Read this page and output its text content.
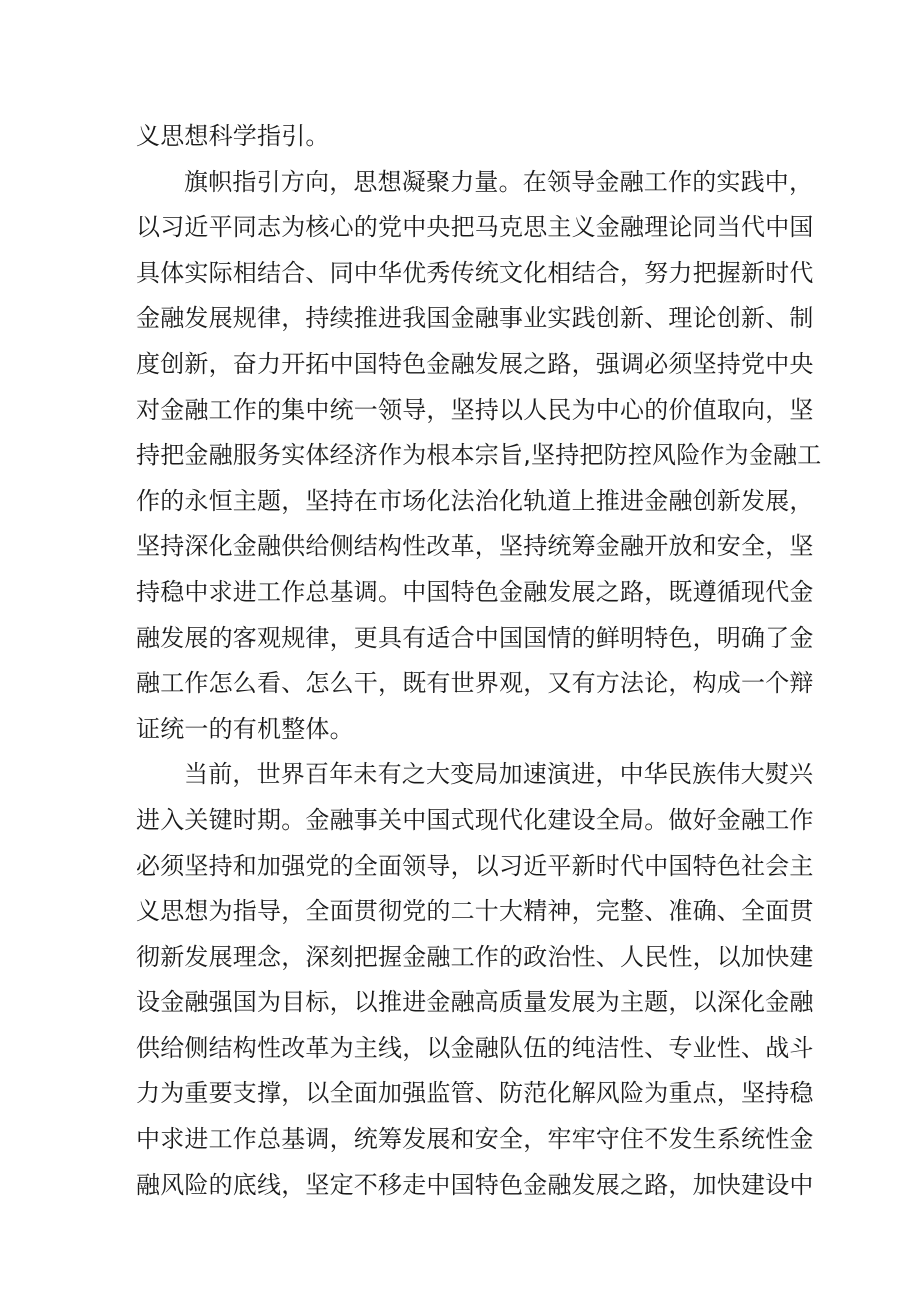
义思想科学指引。
旗帜指引方向，思想凝聚力量。在领导金融工作的实践中，
以习近平同志为核心的党中央把马克思主义金融理论同当代中国
具体实际相结合、同中华优秀传统文化相结合，努力把握新时代
金融发展规律，持续推进我国金融事业实践创新、理论创新、制
度创新，奋力开拓中国特色金融发展之路，强调必须坚持党中央
对金融工作的集中统一领导，坚持以人民为中心的价值取向，坚
持把金融服务实体经济作为根本宗旨,坚持把防控风险作为金融工
作的永恒主题，坚持在市场化法治化轨道上推进金融创新发展，
坚持深化金融供给侧结构性改革，坚持统筹金融开放和安全，坚
持稳中求进工作总基调。中国特色金融发展之路，既遵循现代金
融发展的客观规律，更具有适合中国国情的鲜明特色，明确了金
融工作怎么看、怎么干，既有世界观，又有方法论，构成一个辩
证统一的有机整体。
当前，世界百年未有之大变局加速演进，中华民族伟大熨兴
进入关键时期。金融事关中国式现代化建设全局。做好金融工作
必须坚持和加强党的全面领导，以习近平新时代中国特色社会主
义思想为指导，全面贯彻党的二十大精神，完整、准确、全面贯
彻新发展理念，深刻把握金融工作的政治性、人民性，以加快建
设金融强国为目标，以推进金融高质量发展为主题，以深化金融
供给侧结构性改革为主线，以金融队伍的纯洁性、专业性、战斗
力为重要支撑，以全面加强监管、防范化解风险为重点，坚持稳
中求进工作总基调，统筹发展和安全，牢牢守住不发生系统性金
融风险的底线，坚定不移走中国特色金融发展之路，加快建设中
